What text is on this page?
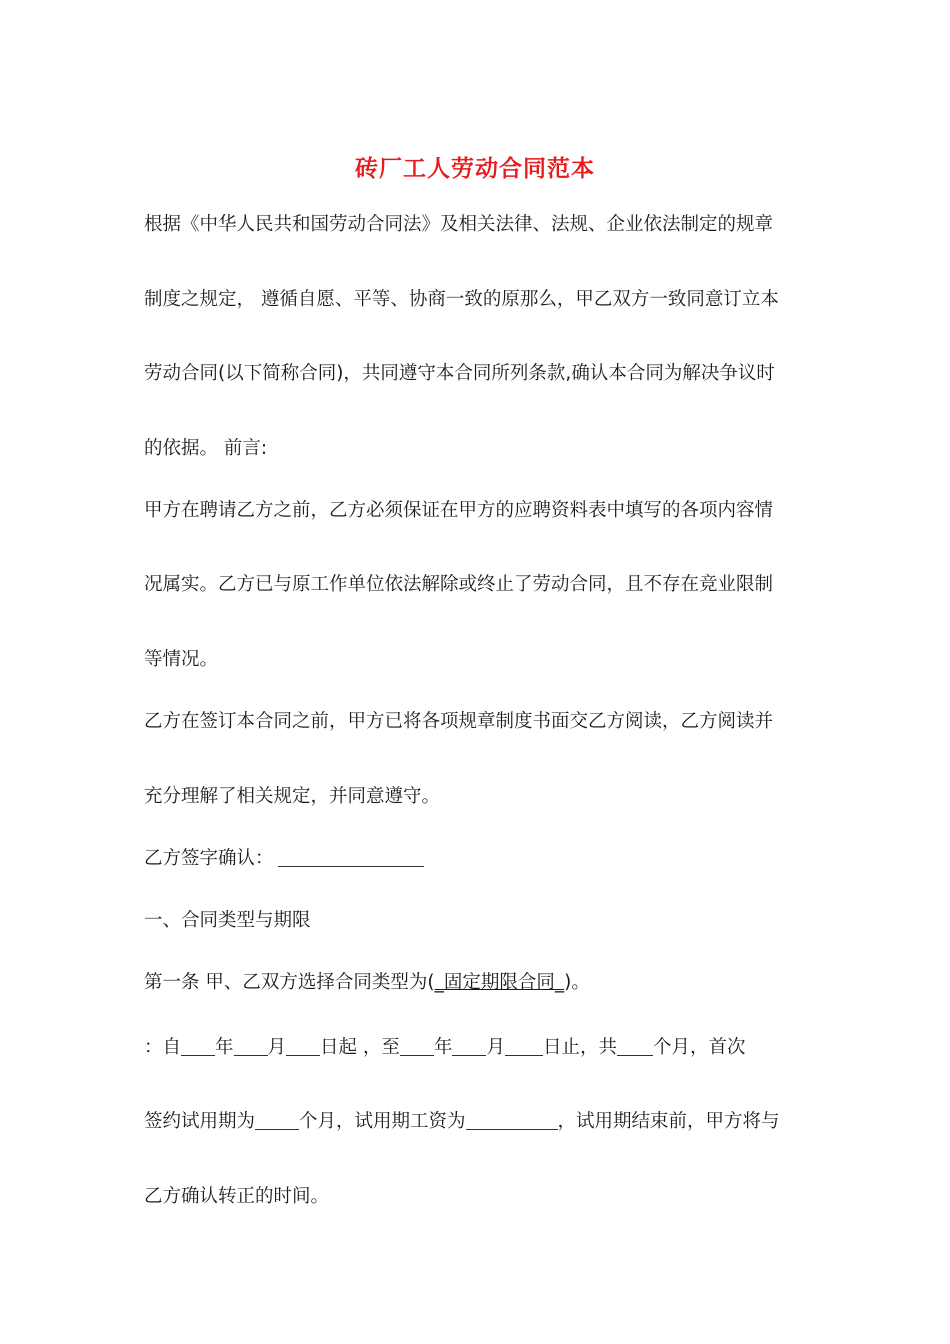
砖厂工人劳动合同范本
根据《中华人民共和国劳动合同法》及相关法律、法规、企业依法制定的规章
制度之规定， 遵循自愿、平等、协商一致的原那么，甲乙双方一致同意订立本
劳动合同(以下简称合同)，共同遵守本合同所列条款,确认本合同为解决争议时
的依据。 前言:
甲方在聘请乙方之前，乙方必须保证在甲方的应聘资料表中填写的各项内容情
况属实。乙方已与原工作单位依法解除或终止了劳动合同，且不存在竞业限制
等情况。
乙方在签订本合同之前，甲方已将各项规章制度书面交乙方阅读，乙方阅读并
充分理解了相关规定，并同意遵守。
乙方签字确认：
一、合同类型与期限
第一条 甲、乙双方选择合同类型为(_固定期限合同_)。
：自 年 月 日起 ，至 年 月 日止，共 个月，首次
签约试用期为 个月，试用期工资为	，试用期结束前，甲方将与
乙方确认转正的时间。
